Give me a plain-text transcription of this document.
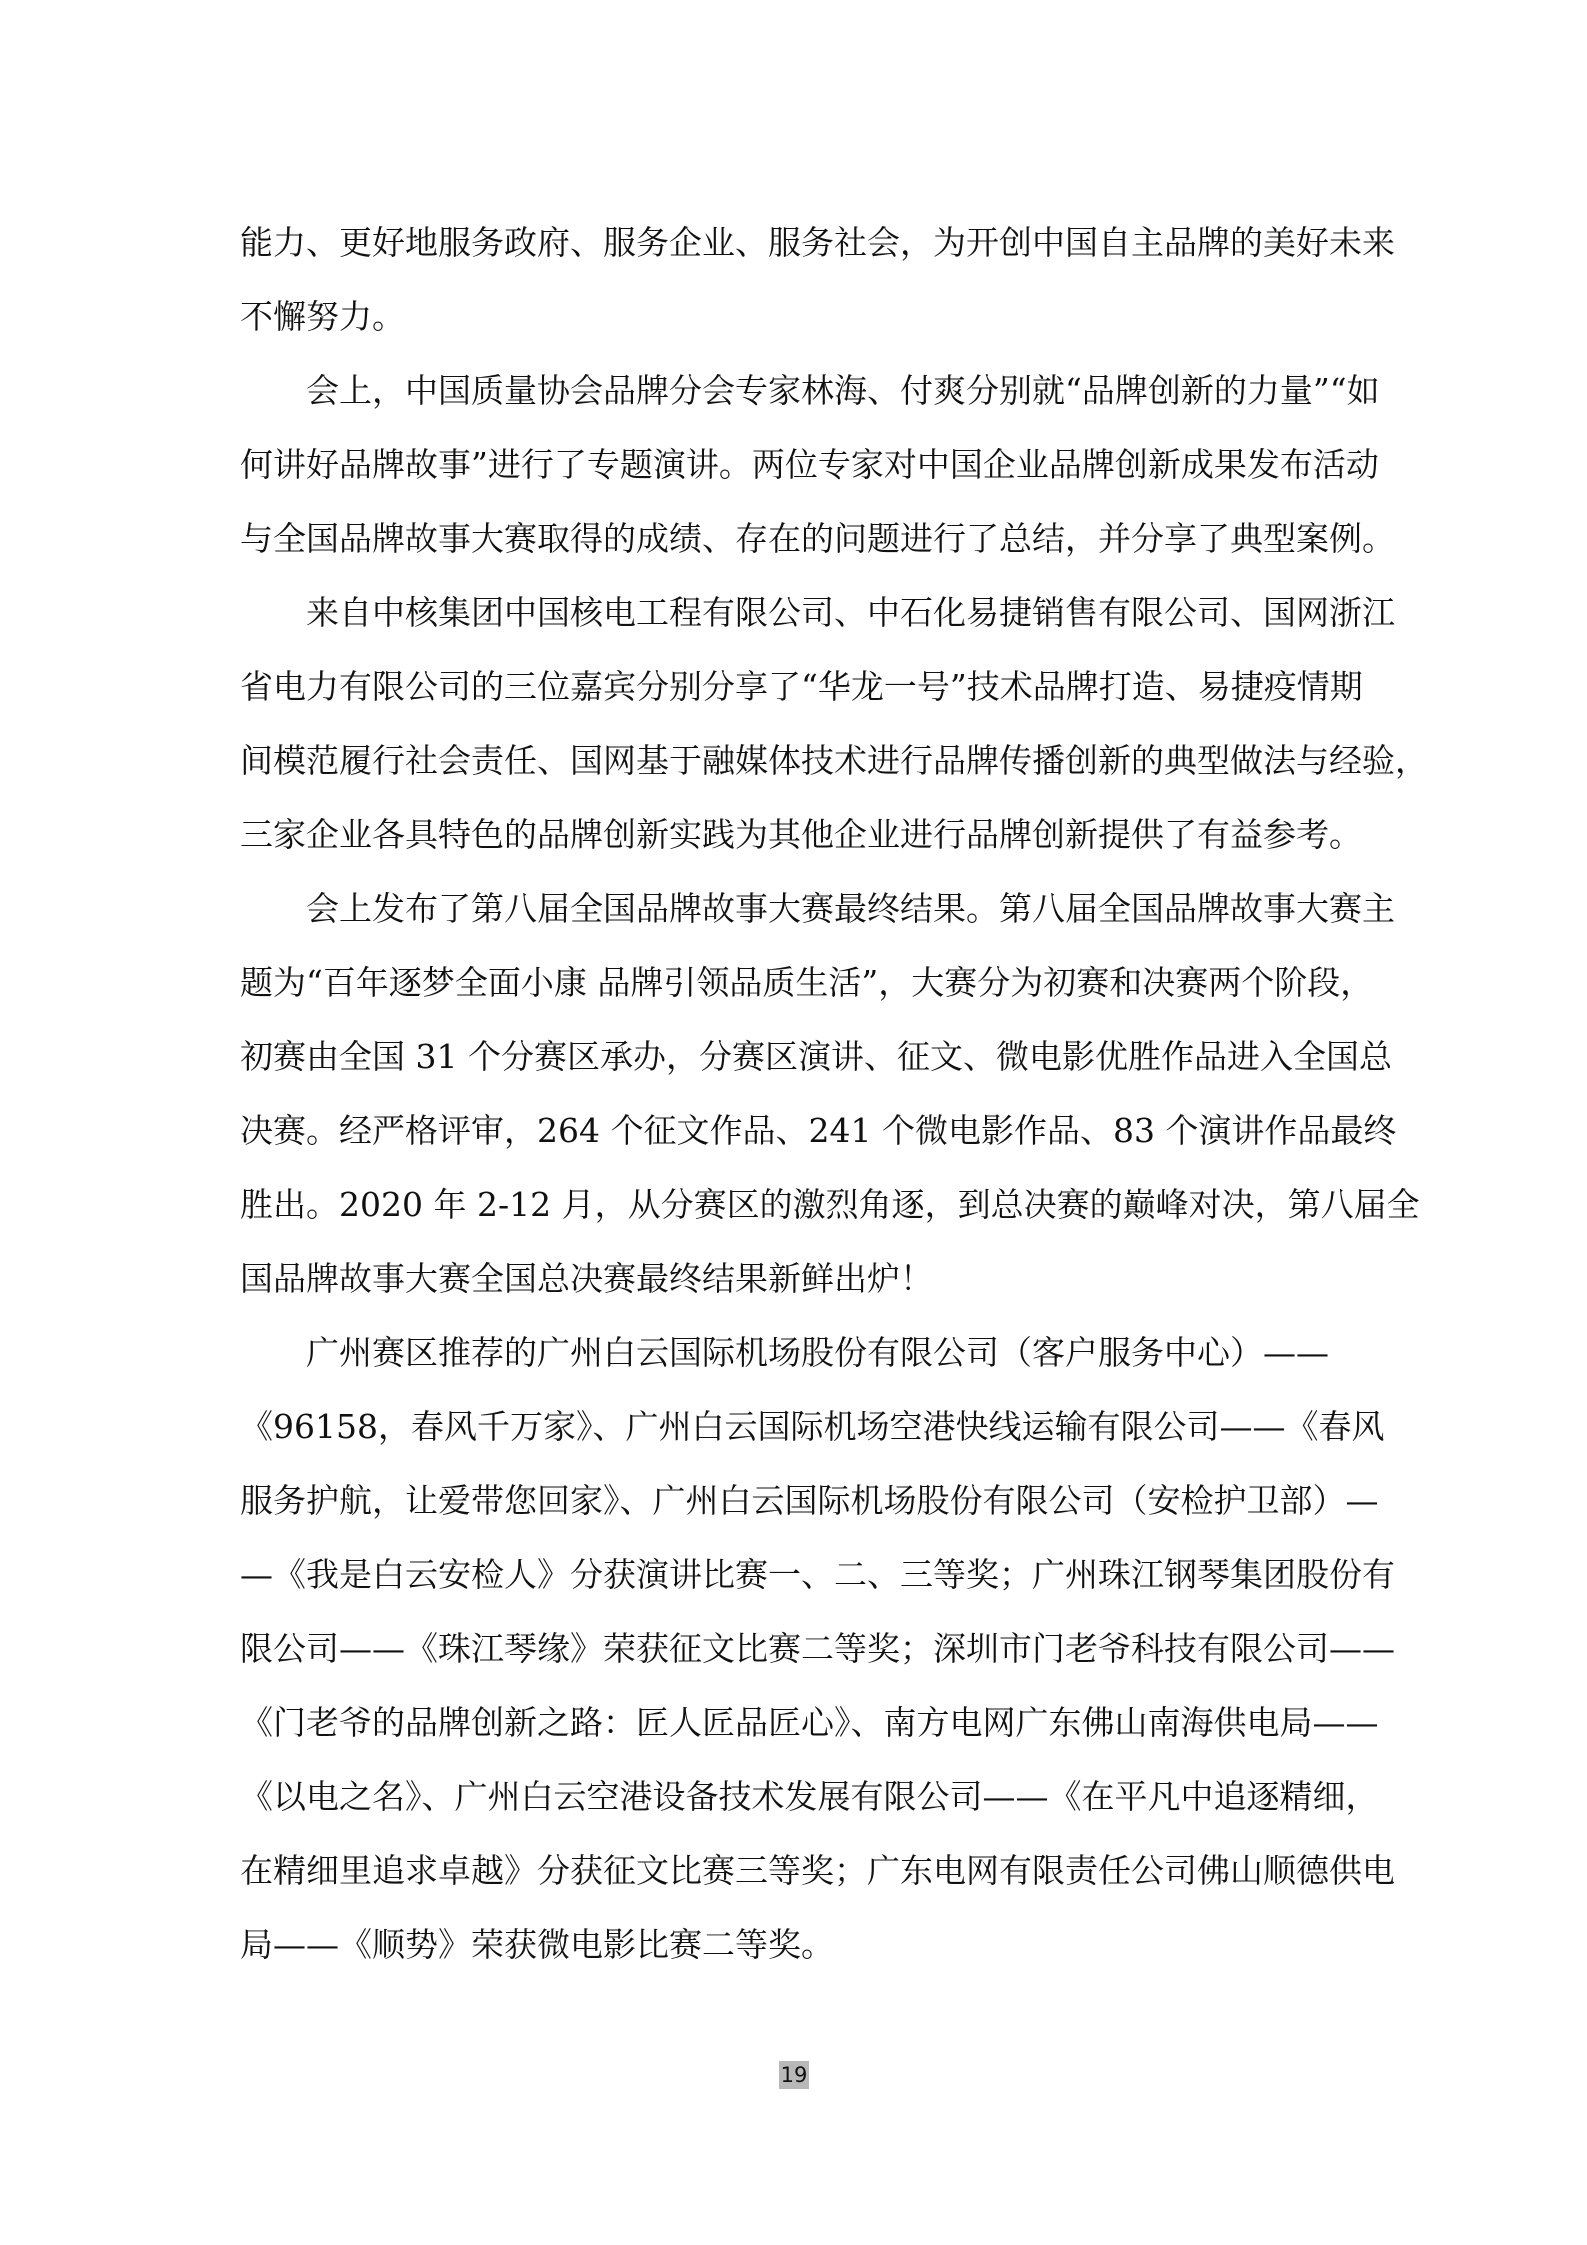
能力、更好地服务政府、服务企业、服务社会，为开创中国自主品牌的美好未来
不懈努力。

会上，中国质量协会品牌分会专家林海、付爽分别就“品牌创新的力量”“如
何讲好品牌故事”进行了专题演讲。两位专家对中国企业品牌创新成果发布活动
与全国品牌故事大赛取得的成绩、存在的问题进行了总结，并分享了典型案例。

来自中核集团中国核电工程有限公司、中石化易捷销售有限公司、国网浙江
省电力有限公司的三位嘉宾分别分享了“华龙一号”技术品牌打造、易捷疫情期
间模范履行社会责任、国网基于融媒体技术进行品牌传播创新的典型做法与经验，
三家企业各具特色的品牌创新实践为其他企业进行品牌创新提供了有益参考。

会上发布了第八届全国品牌故事大赛最终结果。第八届全国品牌故事大赛主
题为“百年逐梦全面小康 品牌引领品质生活”，大赛分为初赛和决赛两个阶段，
初赛由全国 31 个分赛区承办，分赛区演讲、征文、微电影优胜作品进入全国总
决赛。经严格评审，264 个征文作品、241 个微电影作品、83 个演讲作品最终
胜出。2020 年 2-12 月，从分赛区的激烈角逐，到总决赛的巅峰对决，第八届全
国品牌故事大赛全国总决赛最终结果新鲜出炉！

广州赛区推荐的广州白云国际机场股份有限公司（客户服务中心）——
《96158，春风千万家》、广州白云国际机场空港快线运输有限公司——《春风
服务护航，让爱带您回家》、广州白云国际机场股份有限公司（安检护卫部）—
—《我是白云安检人》分获演讲比赛一、二、三等奖；广州珠江钢琴集团股份有
限公司——《珠江琴缘》荣获征文比赛二等奖；深圳市门老爷科技有限公司——
《门老爷的品牌创新之路：匠人匠品匠心》、南方电网广东佛山南海供电局——
《以电之名》、广州白云空港设备技术发展有限公司——《在平凡中追逐精细，
在精细里追求卓越》分获征文比赛三等奖；广东电网有限责任公司佛山顺德供电
局——《顺势》荣获微电影比赛二等奖。

19
